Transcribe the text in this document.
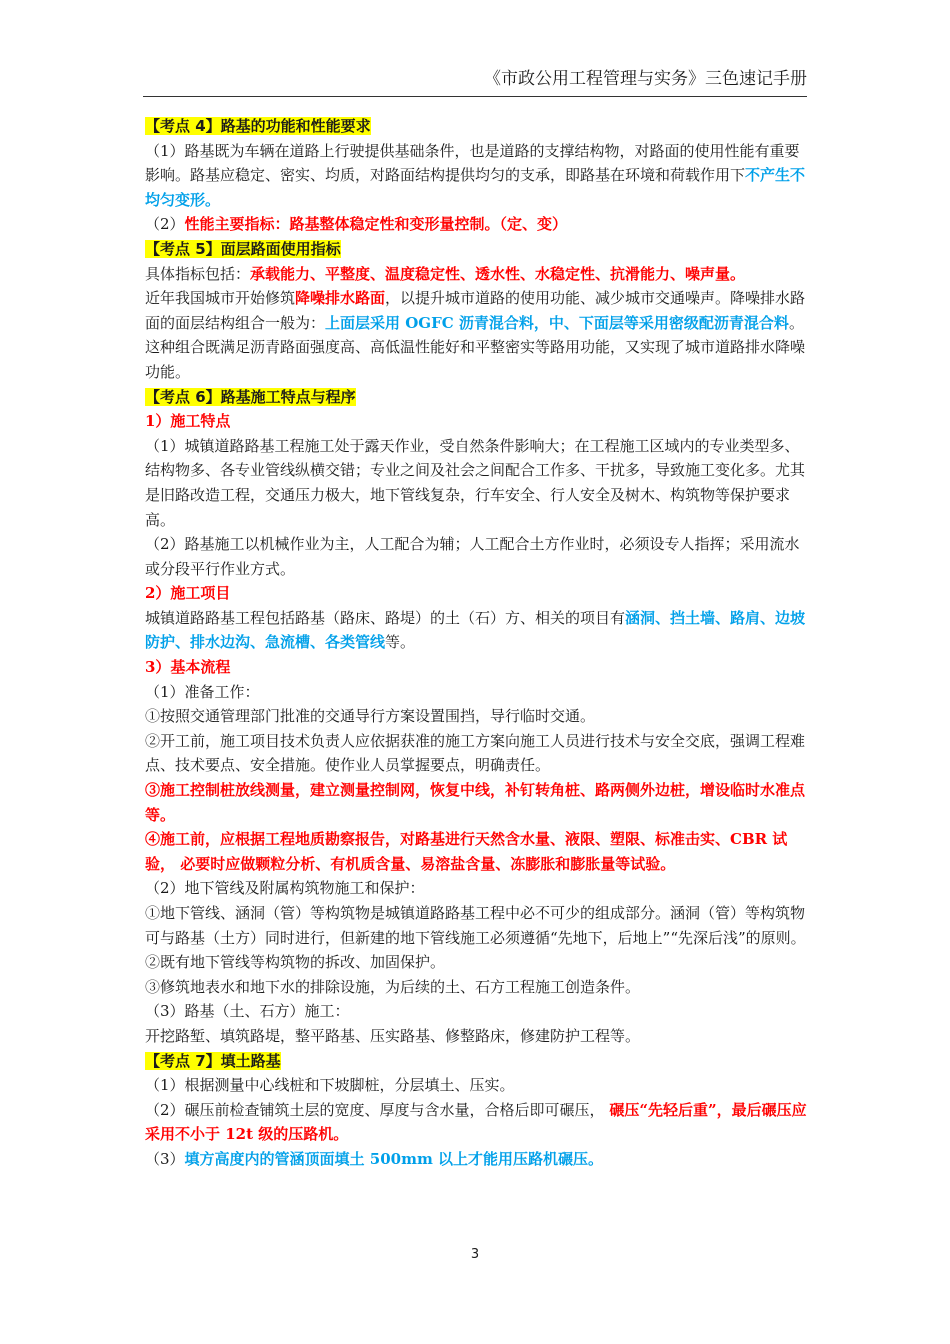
《市政公用工程管理与实务》三色速记手册

【考点 4】路基的功能和性能要求

（1）路基既为车辆在道路上行驶提供基础条件，也是道路的支撑结构物，对路面的使用性能有重要影响。路基应稳定、密实、均质，对路面结构提供均匀的支承，即路基在环境和荷载作用下不产生不均匀变形。

（2）性能主要指标：路基整体稳定性和变形量控制。（定、变）

【考点 5】面层路面使用指标

具体指标包括：承载能力、平整度、温度稳定性、透水性、水稳定性、抗滑能力、噪声量。

近年我国城市开始修筑降噪排水路面，以提升城市道路的使用功能、减少城市交通噪声。降噪排水路面的面层结构组合一般为：上面层采用 OGFC 沥青混合料，中、下面层等采用密级配沥青混合料。这种组合既满足沥青路面强度高、高低温性能好和平整密实等路用功能，又实现了城市道路排水降噪功能。

【考点 6】路基施工特点与程序

1）施工特点

（1）城镇道路路基工程施工处于露天作业，受自然条件影响大；在工程施工区域内的专业类型多、结构物多、各专业管线纵横交错；专业之间及社会之间配合工作多、干扰多，导致施工变化多。尤其是旧路改造工程，交通压力极大，地下管线复杂，行车安全、行人安全及树木、构筑物等保护要求高。

（2）路基施工以机械作业为主，人工配合为辅；人工配合土方作业时，必须设专人指挥；采用流水或分段平行作业方式。

2）施工项目

城镇道路路基工程包括路基（路床、路堤）的土（石）方、相关的项目有涵洞、挡土墙、路肩、边坡防护、排水边沟、急流槽、各类管线等。

3）基本流程

（1）准备工作：

①按照交通管理部门批准的交通导行方案设置围挡，导行临时交通。

②开工前，施工项目技术负责人应依据获准的施工方案向施工人员进行技术与安全交底，强调工程难点、技术要点、安全措施。使作业人员掌握要点，明确责任。

③施工控制桩放线测量，建立测量控制网，恢复中线，补钉转角桩、路两侧外边桩，增设临时水准点等。

④施工前，应根据工程地质勘察报告，对路基进行天然含水量、液限、塑限、标准击实、CBR 试验， 必要时应做颗粒分析、有机质含量、易溶盐含量、冻膨胀和膨胀量等试验。

（2）地下管线及附属构筑物施工和保护：

①地下管线、涵洞（管）等构筑物是城镇道路路基工程中必不可少的组成部分。涵洞（管）等构筑物可与路基（土方）同时进行，但新建的地下管线施工必须遵循“先地下，后地上”“先深后浅”的原则。

②既有地下管线等构筑物的拆改、加固保护。

③修筑地表水和地下水的排除设施，为后续的土、石方工程施工创造条件。

（3）路基（土、石方）施工：

开挖路堑、填筑路堤，整平路基、压实路基、修整路床，修建防护工程等。

【考点 7】填土路基

（1）根据测量中心线桩和下坡脚桩，分层填土、压实。

（2）碾压前检查铺筑土层的宽度、厚度与含水量，合格后即可碾压， 碾压“先轻后重”，最后碾压应采用不小于 12t 级的压路机。

（3）填方高度内的管涵顶面填土 500mm 以上才能用压路机碾压。

3
